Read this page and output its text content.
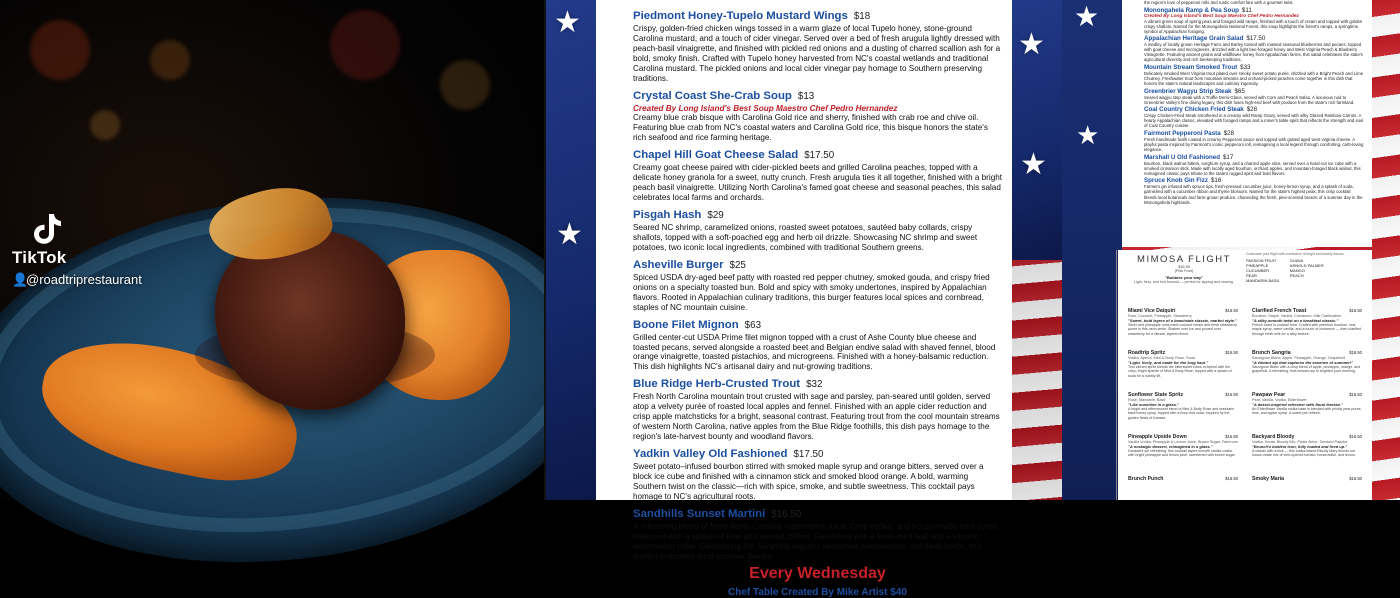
TikTok
👤@roadtriprestaurant
★
★
★
★
Piedmont Honey-Tupelo Mustard Wings $18
Crispy, golden-fried chicken wings tossed in a warm glaze of local Tupelo honey, stone-ground Carolina mustard, and a touch of cider vinegar. Served over a bed of fresh arugula lightly dressed with peach-basil vinaigrette, and finished with pickled red onions and a dusting of charred scallion ash for a bold, smoky finish. Crafted with Tupelo honey harvested from NC's coastal wetlands and traditional Carolina mustard. The pickled onions and local cider vinegar pay homage to Southern preserving traditions.
Crystal Coast She-Crab Soup $13
Created By Long Island's Best Soup Maestro Chef Pedro Hernandez
Creamy blue crab bisque with Carolina Gold rice and sherry, finished with crab roe and chive oil. Featuring blue crab from NC's coastal waters and Carolina Gold rice, this bisque honors the state's rich seafood and rice farming heritage.
Chapel Hill Goat Cheese Salad $17.50
Creamy goat cheese paired with cider-pickled beets and grilled Carolina peaches, topped with a delicate honey granola for a sweet, nutty crunch. Fresh arugula ties it all together, finished with a bright peach basil vinaigrette. Utilizing North Carolina's famed goat cheese and seasonal peaches, this salad celebrates local farms and orchards.
Pisgah Hash $29
Seared NC shrimp, caramelized onions, roasted sweet potatoes, sautéed baby collards, crispy shallots, topped with a soft-poached egg and herb oil drizzle. Showcasing NC shrimp and sweet potatoes, two iconic local ingredients, combined with traditional Southern greens.
Asheville Burger $25
Spiced USDA dry-aged beef patty with roasted red pepper chutney, smoked gouda, and crispy fried onions on a specialty toasted bun. Bold and spicy with smoky undertones, inspired by Appalachian flavors. Rooted in Appalachian culinary traditions, this burger features local spices and cornbread, staples of NC mountain cuisine.
Boone Filet Mignon $63
Grilled center-cut USDA Prime filet mignon topped with a crust of Ashe County blue cheese and toasted pecans, served alongside a roasted beet and Belgian endive salad with shaved fennel, blood orange vinaigrette, toasted pistachios, and microgreens. Finished with a honey-balsamic reduction. This dish highlights NC's artisanal dairy and nut-growing traditions.
Blue Ridge Herb-Crusted Trout $32
Fresh North Carolina mountain trout crusted with sage and parsley, pan-seared until golden, served atop a velvety purée of roasted local apples and fennel. Finished with an apple cider reduction and crisp apple matchsticks for a bright, seasonal contrast. Featuring trout from the cool mountain streams of western North Carolina, native apples from the Blue Ridge foothills, this dish pays homage to the region's late-harvest bounty and woodland flavors.
Yadkin Valley Old Fashioned $17.50
Sweet potato–infused bourbon stirred with smoked maple syrup and orange bitters, served over a block ice cube and finished with a cinnamon stick and smoked blood orange. A bold, warming Southern twist on the classic—rich with spice, smoke, and subtle sweetness. This cocktail pays homage to NC's agricultural roots.
Sandhills Sunset Martini $16.50
A refreshing blend of fresh North Carolina watermelon juice, Crop vodka, and house-made mint syrup, balanced with a splash of lime and served chilled. Garnished with a fresh mint leaf and a vibrant watermelon cube. Celebrating the Sandhills region's renowned watermelons and fresh herbs, this martini embodies local summer flavors.
Every Wednesday
Chef Table Created By Mike Artist $40
★
★
the region's love of pepperoni rolls and rustic comfort fare with a gourmet twist.
Monongahela Ramp & Pea Soup $11
Created By Long Island's Best Soup Maestro Chef Pedro Hernandez
A vibrant green soup of spring peas and foraged wild ramps, finished with a touch of cream and topped with golden crispy shallots. Named for the Monongahela National Forest, this soup highlights the forest's ramps, a springtime symbol of Appalachian foraging.
Appalachian Heritage Grain Salad $17.50
A medley of locally grown Heritage Farro and Barley tossed with roasted seasonal blueberries and pecans, topped with goat cheese and microgreens, drizzled with a light bee-foraged honey and West Virginia Peach & Blueberry Vinaigrette. Featuring ancient grains and wildflower honey from Appalachian farms, this salad celebrates the state's agricultural diversity and rich beekeeping traditions.
Mountain Stream Smoked Trout $33
Delicately smoked West Virginia trout plated over smoky sweet potato purée, drizzled with a Bright Peach and Lime Chutney. Freshwater trout from mountain streams and orchard-picked peaches come together in this dish that honors the state's natural landscapes and culinary ingenuity.
Greenbrier Wagyu Strip Steak $65
Seared wagyu strip steak with a Truffle Demi-Glace, served with Corn and Peach Salsa. A luxurious nod to Greenbrier Valley's fine dining legacy, this dish fuses high-end beef with produce from the state's rich farmland.
Coal Country Chicken Fried Steak $28
Crispy Chicken-Fried Steak smothered in a creamy wild Ramp Gravy, served with silky Glazed Rainbow Carrots. A hearty Appalachian classic, elevated with foraged ramps and a miner's table spirit that reflects the strength and soul of Coal Country cuisine.
Fairmont Pepperoni Pasta $28
Fresh handmade fusilli coated in creamy Pepperoni sauce and topped with grated aged west virginia cheese. A playful pasta inspired by Fairmont's iconic pepperoni roll, reimagining a local legend through comforting, carb-loving elegance.
Marshall U Old Fashioned $17
Bourbon, black walnut bitters, sorghum syrup, and a charred apple slice, served over a hand-cut ice cube with a smoked cinnamon stick. Made with locally aged bourbon, orchard apples, and mountain-foraged black walnut, this reimagined classic pays tribute to the state's rugged spirit and bold flavors.
Spruce Knob Gin Fizz $16
Farmers gin infused with spruce tips, fresh-pressed cucumber juice, honey-lemon syrup, and a splash of soda, garnished with a cucumber ribbon and thyme blossom. Named for the state's highest peak, this crisp cocktail blends local botanicals and farm-grown produce, channeling the fresh, pine-scented breeze of a summer day in the Monongahela highlands.
MIMOSA FLIGHT
$16.50
(Pick Four)
"Bubbles your way"
Light, fizzy, and fruit-forward — perfect for sipping and sharing.
Customize your flight with a selection of bright and bubbly flavors.
PASSION FRUIT
PINEAPPLE
CUCUMBER
PEAR
MANDARIN BASIL
GUAVA
ARNOLD PALMER
MANGO
PEACH
Miami Vice Daiquiri	$16.50
Rum, Coconut, Pineapple, Strawberry
"Sweet, bold layers of a beachside classic, martini style."
Silver and pineapple rums meet coconut cream and fresh strawberry purée in this neon smile. Shaken over ice and poured over strawberry for a vibrant, layered finish.
Clarified French Toast	$16.50
Bourbon, Maple, Vanilla, Cinnamon, Milk Clarification
"A silky-smooth twist on a breakfast classic."
French toast in cocktail form. Crafted with premium bourbon, real maple syrup, warm vanilla, and a touch of cinnamon — then clarified through fresh milk for a silky texture.
Roadtrip Spritz	$16.50
Vodka, Aperol, Mint & Body Rose, Soda
"Light, lively, and made for the long haul."
This vibrant spritz blends the bittersweet citrus of Aperol with the crisp, bright sparkle of Mint & Body Rosé, topped with a splash of soda for a bubbly lift.
Brunch Sangria	$16.50
Sauvignon Blanc, Apple, Pineapple, Orange, Grapefruit
"A vibrant sip that captures the essence of summer!"
Sauvignon Blanc with a crisp blend of apple, pineapple, orange, and grapefruit. A refreshing, fruit-forward sip to brighten your morning.
Sunflower State Spritz	$16.50
Rosé, Mandarin, Basil
"Like sunshine in a glass."
A bright and effervescent blend of Mint & Body Rosé and mandarin basil honey syrup, topped with a fizzy club soda. Inspired by the golden fields of Kansas.
Pawpaw Pear	$16.50
Pear, Vanilla, Vodka, Elderflower
"A desert-inspired refresher with floral finesse."
An Elderflower Vanilla vodka base is blended with prickly pear purée, lime, and agave syrup. A sweet pet refresh.
Pineapple Upside Down	$16.50
Vanilla Vodka, Pineapple & Lemon Juice, Brown Sugar, Falernum
"A nostalgic dessert, reimagined in a glass."
Decadent yet refreshing, this cocktail layers smooth vanilla vodka with bright pineapple and lemon juice, sweetened with brown sugar.
Backyard Bloody	$16.50
Vodka, House Bloody Mix, Pickle Brine, Smoked Paprika
"Brunch's boldest icon, fully loaded and fired up."
A classic with a kick — this vodka-based Bloody Mary blends our house-made mix of vine-ripened tomato, horseradish, and lemon.
Brunch Punch	$16.50	Smoky Maria	$16.50
